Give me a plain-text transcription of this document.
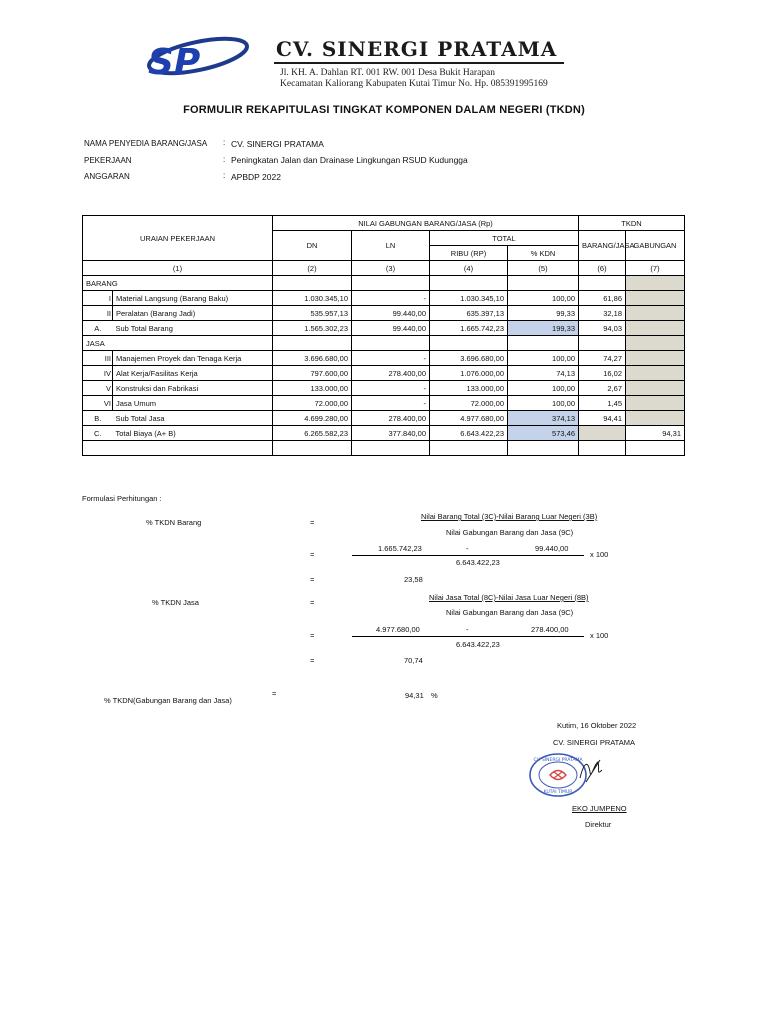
SP	CV. SINERGI PRATAMA
Jl. KH. A. Dahlan RT. 001 RW. 001 Desa Bukit Harapan
Kecamatan Kaliorang Kabupaten Kutai Timur No. Hp. 085391995169
FORMULIR REKAPITULASI TINGKAT KOMPONEN DALAM NEGERI (TKDN)
NAMA PENYEDIA BARANG/JASA : CV. SINERGI PRATAMA
PEKERJAAN	: Peningkatan Jalan dan Drainase Lingkungan RSUD Kudungga
ANGGARAN	: APBDP 2022
URAIAN PEKERJAAN		NILAI GABUNGAN BARANG/JASA (Rp)				TKDN	
		DN	LN	TOTAL		BARANG/JASA	GABUNGAN
				RIBU (RP)	% KDN		
(1)		(2)	(3)	(4)	(5)	(6)	(7)
BARANG							
I	Material Langsung (Barang Baku)	1.030.345,10	-	1.030.345,10	100,00	61,86	
II	Peralatan (Barang Jadi)	535.957,13	99.440,00	635.397,13	99,33	32,18	
A.	Sub Total Barang	1.565.302,23	99.440,00	1.665.742,23	199,33	94,03	
JASA							
III	Manajemen Proyek dan Tenaga Kerja	3.696.680,00	-	3.696.680,00	100,00	74,27	
IV	Alat Kerja/Fasilitas Kerja	797.600,00	278.400,00	1.076.000,00	74,13	16,02	
V	Konstruksi dan Fabrikasi	133.000,00	-	133.000,00	100,00	2,67	
VI	Jasa Umum	72.000,00	-	72.000,00	100,00	1,45	
B.	Sub Total Jasa	4.699.280,00	278.400,00	4.977.680,00	374,13	94,41	
C.	Total Biaya (A+ B)	6.265.582,23	377.840,00	6.643.422,23	573,46		94,31

Formulasi Perhitungan :
% TKDN Barang	=
Nilai Barang Total (3C)-Nilai Barang Luar Negeri (3B)
Nilai Gabungan Barang dan Jasa (9C)
=
1.665.742,23	-	99.440,00
6.643.422,23
x 100
=	23,58
% TKDN Jasa	=
Nilai Jasa Total (8C)-Nilai Jasa Luar Negeri (8B)
Nilai Gabungan Barang dan Jasa (9C)
=
4.977.680,00	-	278.400,00
6.643.422,23
x 100
=	70,74
% TKDN(Gabungan Barang dan Jasa)
=	94,31 %
Kutim, 16 Oktober 2022
CV. SINERGI PRATAMA
CV. SINERGI PRATAMA
KUTAI TIMUR
EKO JUMPENO
Direktur
